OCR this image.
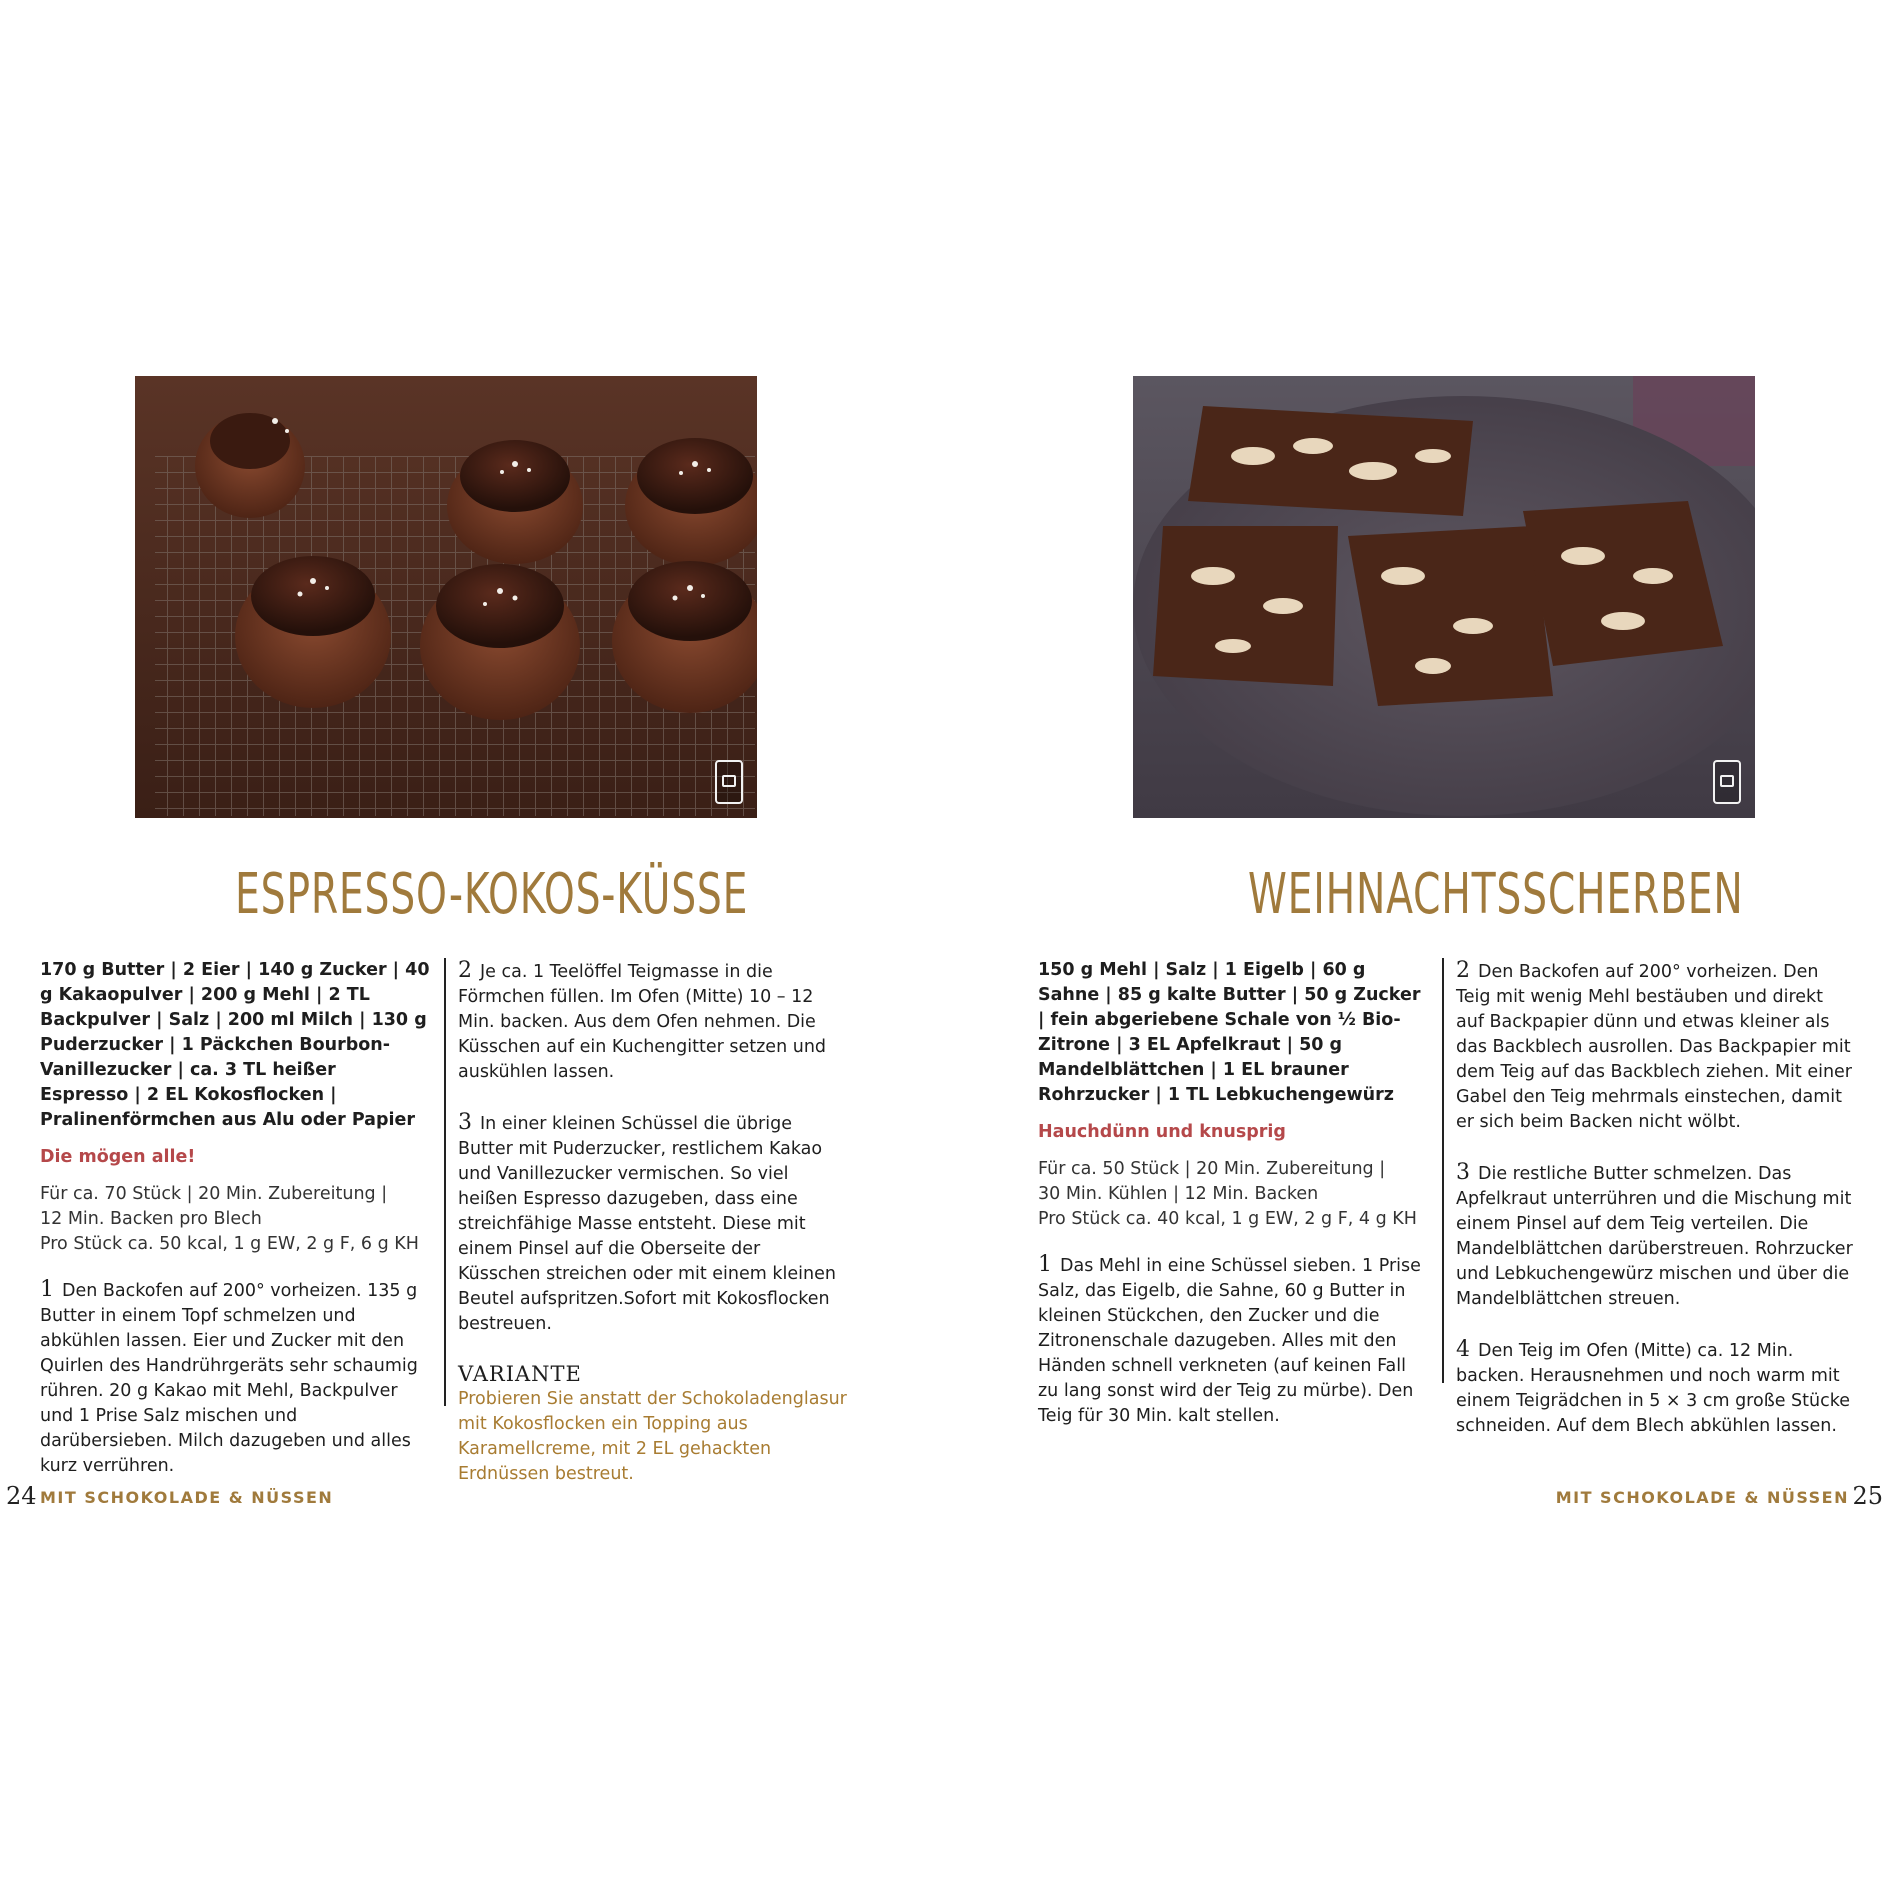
ESPRESSO-KOKOS-KÜSSE
170 g Butter | 2 Eier | 140 g Zucker | 40 g Kakaopulver | 200 g Mehl | 2 TL Backpulver | Salz | 200 ml Milch | 130 g Puderzucker | 1 Päckchen Bourbon-Vanillezucker | ca. 3 TL heißer Espresso | 2 EL Kokosflocken | Pralinenförmchen aus Alu oder Papier
Die mögen alle!
Für ca. 70 Stück | 20 Min. Zubereitung |
12 Min. Backen pro Blech
Pro Stück ca. 50 kcal, 1 g EW, 2 g F, 6 g KH
1 Den Backofen auf 200° vorheizen. 135 g Butter in einem Topf schmelzen und abkühlen lassen. Eier und Zucker mit den Quirlen des Handrührgeräts sehr schaumig rühren. 20 g Kakao mit Mehl, Backpulver und 1 Prise Salz mischen und darübersieben. Milch dazugeben und alles kurz verrühren.
2 Je ca. 1 Teelöffel Teigmasse in die Förmchen füllen. Im Ofen (Mitte) 10 – 12 Min. backen. Aus dem Ofen nehmen. Die Küsschen auf ein Kuchengitter setzen und auskühlen lassen.
3 In einer kleinen Schüssel die übrige Butter mit Puderzucker, restlichem Kakao und Vanillezucker vermischen. So viel heißen Espresso dazugeben, dass eine streichfähige Masse entsteht. Diese mit einem Pinsel auf die Oberseite der Küsschen streichen oder mit einem kleinen Beutel aufspritzen.Sofort mit Kokosflocken bestreuen.
VARIANTE
Probieren Sie anstatt der Schokoladenglasur mit Kokosflocken ein Topping aus Karamellcreme, mit 2 EL gehackten Erdnüssen bestreut.
WEIHNACHTSSCHERBEN
150 g Mehl | Salz | 1 Eigelb | 60 g Sahne | 85 g kalte Butter | 50 g Zucker | fein abgeriebene Schale von ½ Bio-Zitrone | 3 EL Apfelkraut | 50 g Mandelblättchen | 1 EL brauner Rohrzucker | 1 TL Lebkuchengewürz
Hauchdünn und knusprig
Für ca. 50 Stück | 20 Min. Zubereitung |
30 Min. Kühlen | 12 Min. Backen
Pro Stück ca. 40 kcal, 1 g EW, 2 g F, 4 g KH
1 Das Mehl in eine Schüssel sieben. 1 Prise Salz, das Eigelb, die Sahne, 60 g Butter in kleinen Stückchen, den Zucker und die Zitronenschale dazugeben. Alles mit den Händen schnell verkneten (auf keinen Fall zu lang sonst wird der Teig zu mürbe). Den Teig für 30 Min. kalt stellen.
2 Den Backofen auf 200° vorheizen. Den Teig mit wenig Mehl bestäuben und direkt auf Backpapier dünn und etwas kleiner als das Backblech ausrollen. Das Backpapier mit dem Teig auf das Backblech ziehen. Mit einer Gabel den Teig mehrmals einstechen, damit er sich beim Backen nicht wölbt.
3 Die restliche Butter schmelzen. Das Apfelkraut unterrühren und die Mischung mit einem Pinsel auf dem Teig verteilen. Die Mandelblättchen darüberstreuen. Rohrzucker und Lebkuchengewürz mischen und über die Mandelblättchen streuen.
4 Den Teig im Ofen (Mitte) ca. 12 Min. backen. Herausnehmen und noch warm mit einem Teigrädchen in 5 × 3 cm große Stücke schneiden. Auf dem Blech abkühlen lassen.
24 MIT SCHOKOLADE & NÜSSEN	MIT SCHOKOLADE & NÜSSEN 25
